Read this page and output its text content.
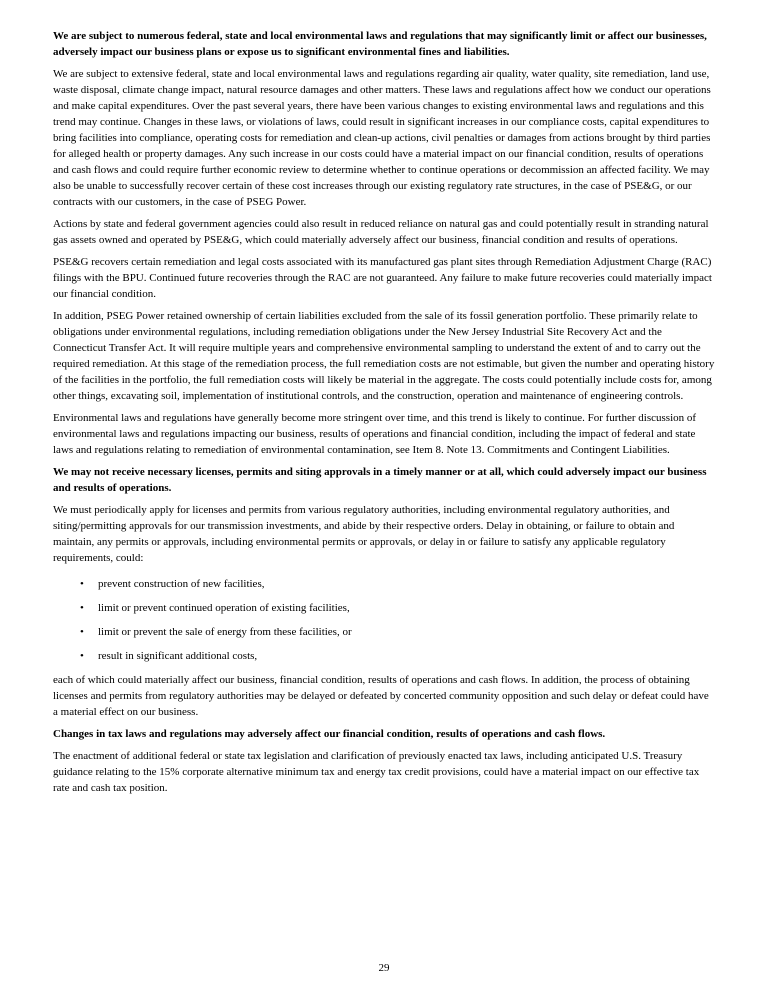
We are subject to numerous federal, state and local environmental laws and regulations that may significantly limit or affect our businesses, adversely impact our business plans or expose us to significant environmental fines and liabilities.

We are subject to extensive federal, state and local environmental laws and regulations regarding air quality, water quality, site remediation, land use, waste disposal, climate change impact, natural resource damages and other matters. These laws and regulations affect how we conduct our operations and make capital expenditures. Over the past several years, there have been various changes to existing environmental laws and regulations and this trend may continue. Changes in these laws, or violations of laws, could result in significant increases in our compliance costs, capital expenditures to bring facilities into compliance, operating costs for remediation and clean-up actions, civil penalties or damages from actions brought by third parties for alleged health or property damages. Any such increase in our costs could have a material impact on our financial condition, results of operations and cash flows and could require further economic review to determine whether to continue operations or decommission an affected facility. We may also be unable to successfully recover certain of these cost increases through our existing regulatory rate structures, in the case of PSE&G, or our contracts with our customers, in the case of PSEG Power.

Actions by state and federal government agencies could also result in reduced reliance on natural gas and could potentially result in stranding natural gas assets owned and operated by PSE&G, which could materially adversely affect our business, financial condition and results of operations.

PSE&G recovers certain remediation and legal costs associated with its manufactured gas plant sites through Remediation Adjustment Charge (RAC) filings with the BPU. Continued future recoveries through the RAC are not guaranteed. Any failure to make future recoveries could materially impact our financial condition.

In addition, PSEG Power retained ownership of certain liabilities excluded from the sale of its fossil generation portfolio. These primarily relate to obligations under environmental regulations, including remediation obligations under the New Jersey Industrial Site Recovery Act and the Connecticut Transfer Act. It will require multiple years and comprehensive environmental sampling to understand the extent of and to carry out the required remediation. At this stage of the remediation process, the full remediation costs are not estimable, but given the number and operating history of the facilities in the portfolio, the full remediation costs will likely be material in the aggregate. The costs could potentially include costs for, among other things, excavating soil, implementation of institutional controls, and the construction, operation and maintenance of engineering controls.

Environmental laws and regulations have generally become more stringent over time, and this trend is likely to continue. For further discussion of environmental laws and regulations impacting our business, results of operations and financial condition, including the impact of federal and state laws and regulations relating to remediation of environmental contamination, see Item 8. Note 13. Commitments and Contingent Liabilities.

We may not receive necessary licenses, permits and siting approvals in a timely manner or at all, which could adversely impact our business and results of operations.

We must periodically apply for licenses and permits from various regulatory authorities, including environmental regulatory authorities, and siting/permitting approvals for our transmission investments, and abide by their respective orders. Delay in obtaining, or failure to obtain and maintain, any permits or approvals, including environmental permits or approvals, or delay in or failure to satisfy any applicable regulatory requirements, could:

• prevent construction of new facilities,
• limit or prevent continued operation of existing facilities,
• limit or prevent the sale of energy from these facilities, or
• result in significant additional costs,

each of which could materially affect our business, financial condition, results of operations and cash flows. In addition, the process of obtaining licenses and permits from regulatory authorities may be delayed or defeated by concerted community opposition and such delay or defeat could have a material effect on our business.

Changes in tax laws and regulations may adversely affect our financial condition, results of operations and cash flows.

The enactment of additional federal or state tax legislation and clarification of previously enacted tax laws, including anticipated U.S. Treasury guidance relating to the 15% corporate alternative minimum tax and energy tax credit provisions, could have a material impact on our effective tax rate and cash tax position.

29
